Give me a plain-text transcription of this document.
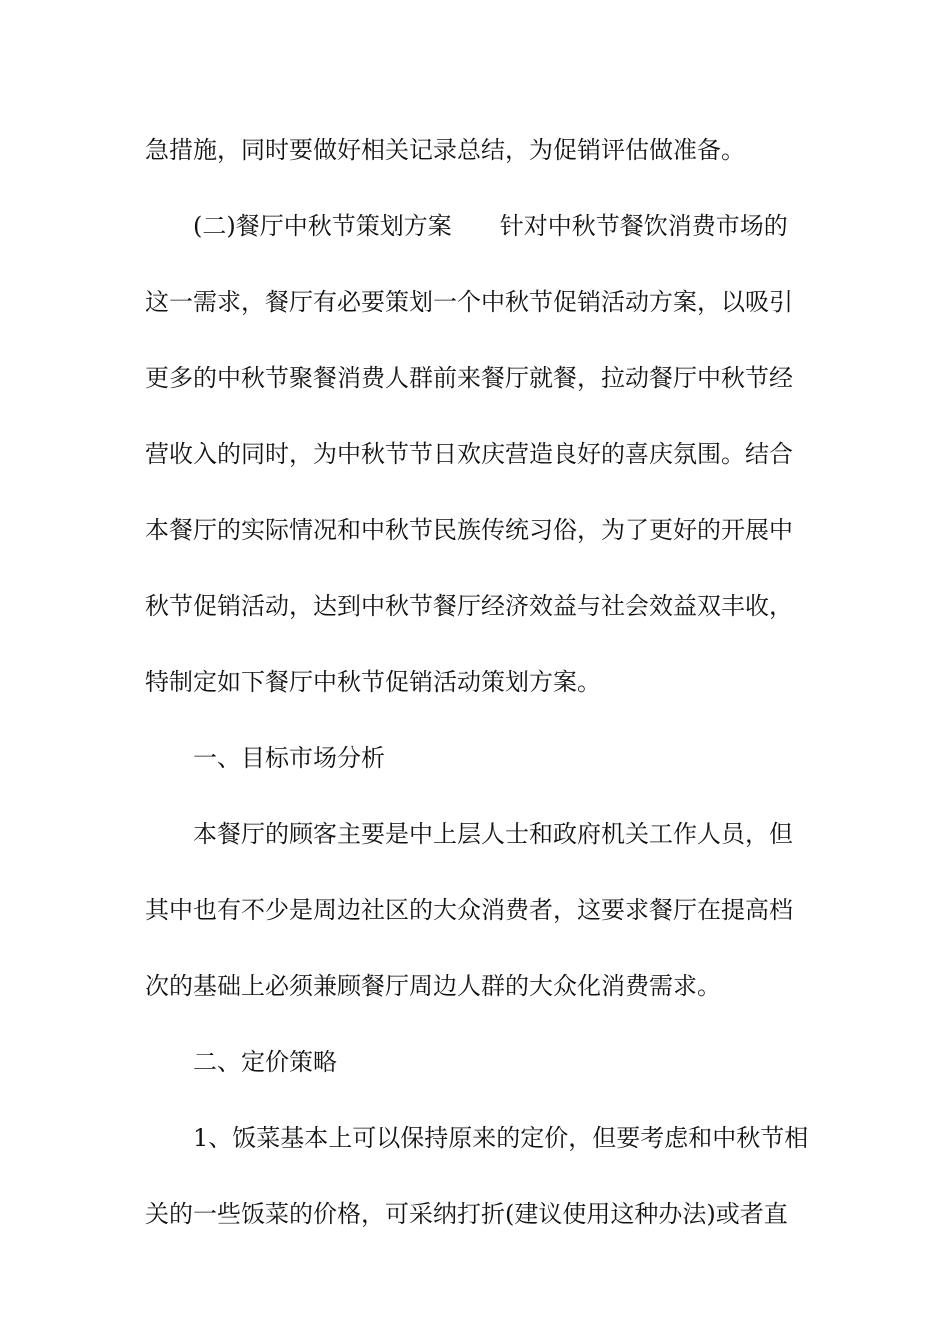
急措施，同时要做好相关记录总结，为促销评估做准备。
(二)餐厅中秋节策划方案 针对中秋节餐饮消费市场的
这一需求，餐厅有必要策划一个中秋节促销活动方案，以吸引
更多的中秋节聚餐消费人群前来餐厅就餐，拉动餐厅中秋节经
营收入的同时，为中秋节节日欢庆营造良好的喜庆氛围。结合
本餐厅的实际情况和中秋节民族传统习俗，为了更好的开展中
秋节促销活动，达到中秋节餐厅经济效益与社会效益双丰收，
特制定如下餐厅中秋节促销活动策划方案。
一、目标市场分析
本餐厅的顾客主要是中上层人士和政府机关工作人员，但
其中也有不少是周边社区的大众消费者，这要求餐厅在提高档
次的基础上必须兼顾餐厅周边人群的大众化消费需求。
二、定价策略
1、饭菜基本上可以保持原来的定价，但要考虑和中秋节相
关的一些饭菜的价格，可采纳打折(建议使用这种办法)或者直
